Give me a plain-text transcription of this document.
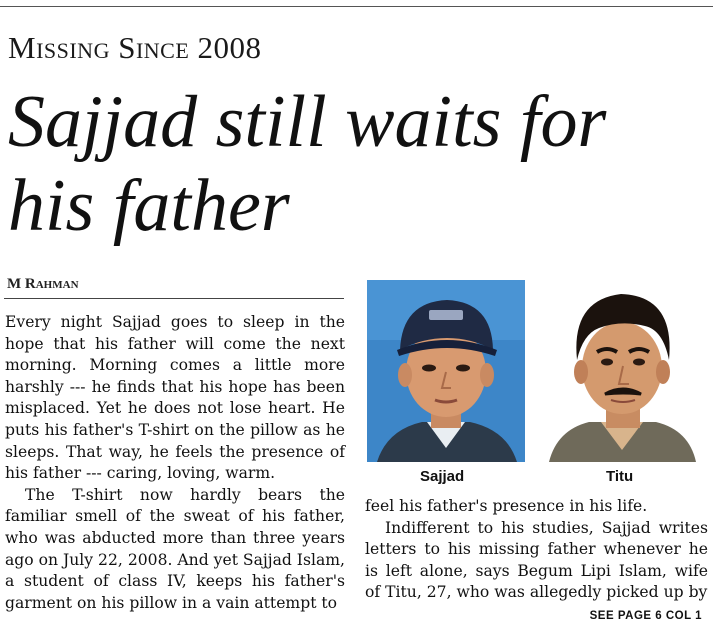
Missing Since 2008
Sajjad still waits for his father
M Rahman

Every night Sajjad goes to sleep in the hope that his father will come the next morning. Morning comes a little more harshly --- he finds that his hope has been misplaced. Yet he does not lose heart. He puts his father's T-shirt on the pillow as he sleeps. That way, he feels the presence of his father --- caring, loving, warm.

The T-shirt now hardly bears the familiar smell of the sweat of his father, who was abducted more than three years ago on July 22, 2008. And yet Sajjad Islam, a student of class IV, keeps his father's garment on his pillow in a vain attempt to

Sajjad	Titu

feel his father's presence in his life.

Indifferent to his studies, Sajjad writes letters to his missing father whenever he is left alone, says Begum Lipi Islam, wife of Titu, 27, who was allegedly picked up by

SEE PAGE 6 COL 1
